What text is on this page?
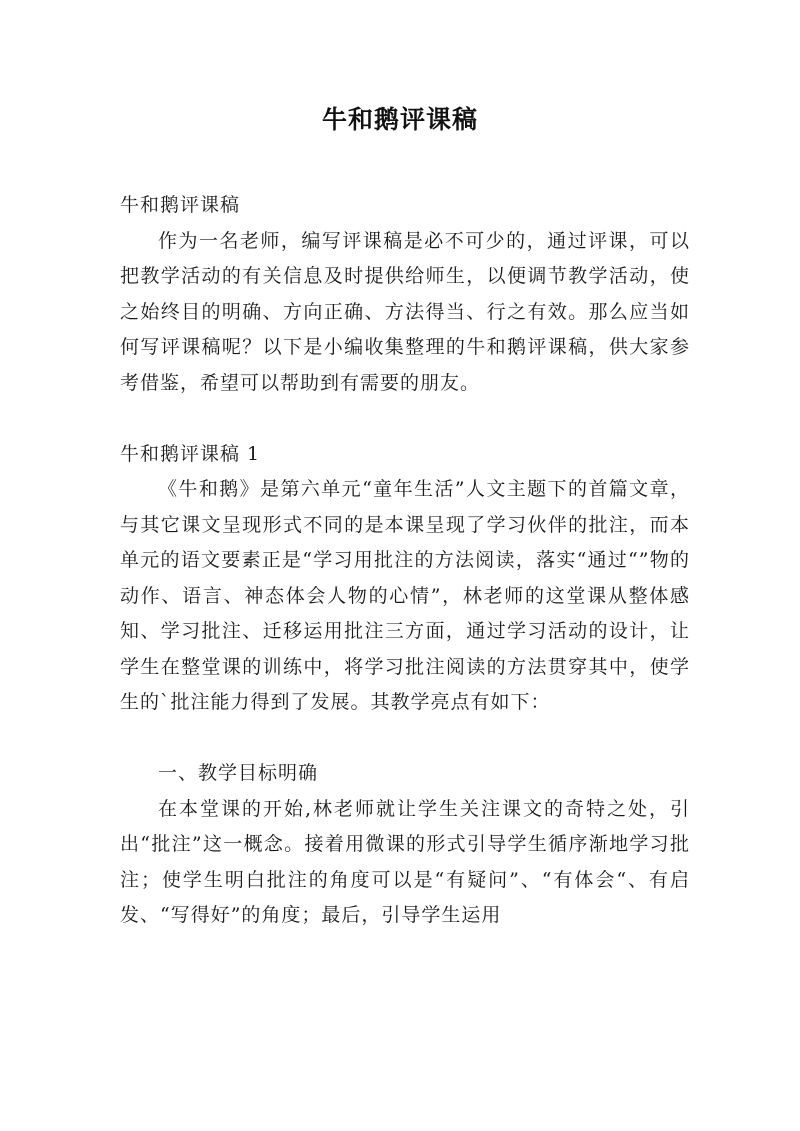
牛和鹅评课稿

牛和鹅评课稿

作为一名老师，编写评课稿是必不可少的，通过评课，可以把教学活动的有关信息及时提供给师生，以便调节教学活动，使之始终目的明确、方向正确、方法得当、行之有效。那么应当如何写评课稿呢？以下是小编收集整理的牛和鹅评课稿，供大家参考借鉴，希望可以帮助到有需要的朋友。

牛和鹅评课稿 1

《牛和鹅》是第六单元“童年生活”人文主题下的首篇文章，与其它课文呈现形式不同的是本课呈现了学习伙伴的批注，而本单元的语文要素正是“学习用批注的方法阅读，落实“通过“”物的动作、语言、神态体会人物的心情”，林老师的这堂课从整体感知、学习批注、迁移运用批注三方面，通过学习活动的设计，让学生在整堂课的训练中，将学习批注阅读的方法贯穿其中，使学生的`批注能力得到了发展。其教学亮点有如下：

一、教学目标明确

在本堂课的开始,林老师就让学生关注课文的奇特之处，引出“批注”这一概念。接着用微课的形式引导学生循序渐地学习批注；使学生明白批注的角度可以是“有疑问”、“有体会“、有启发、“写得好”的角度；最后，引导学生运用
